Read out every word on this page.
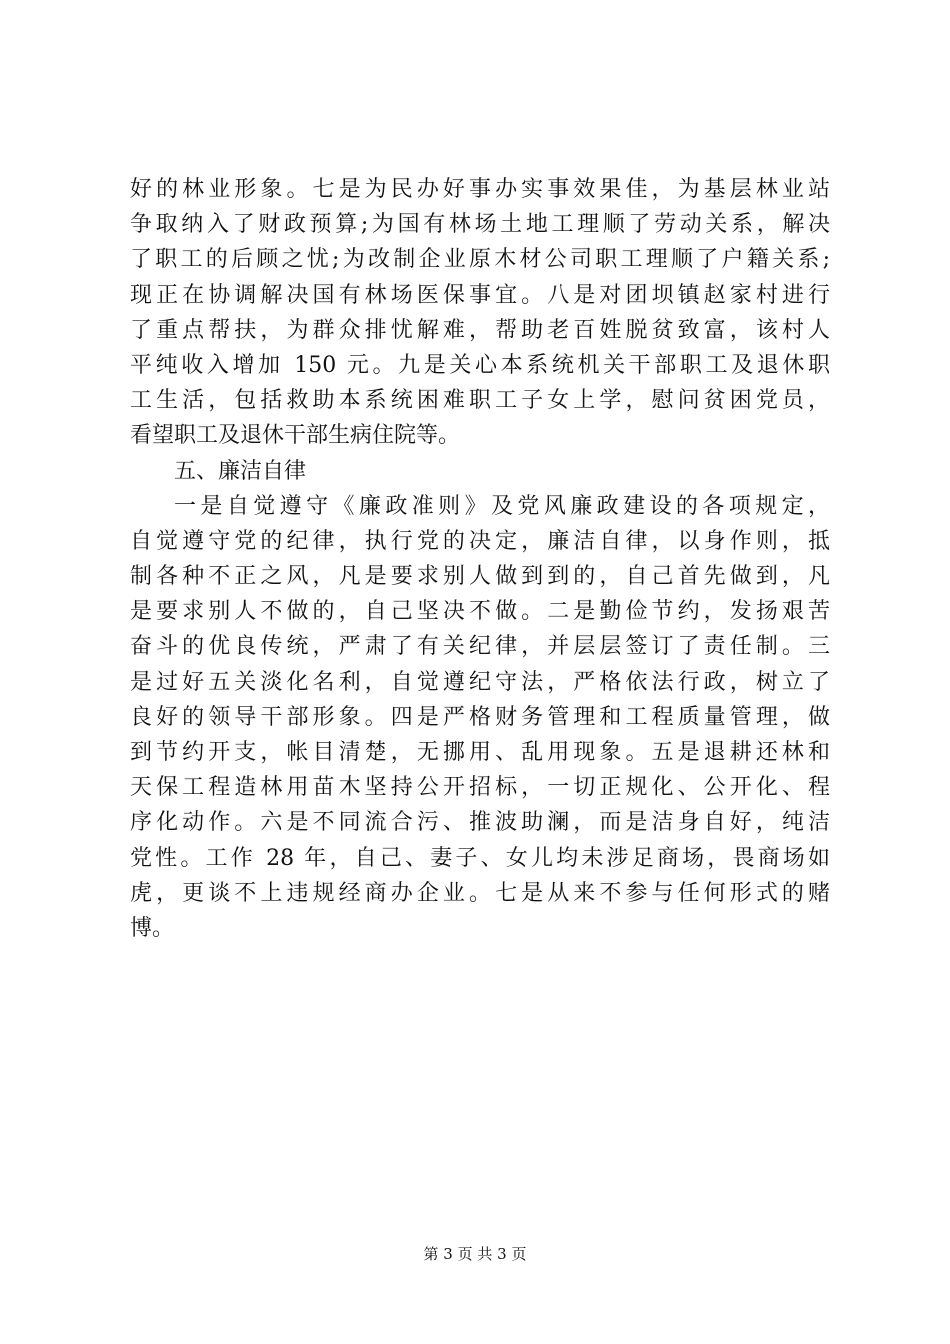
好的林业形象。七是为民办好事办实事效果佳，为基层林业站
争取纳入了财政预算;为国有林场土地工理顺了劳动关系，解决
了职工的后顾之忧;为改制企业原木材公司职工理顺了户籍关系;
现正在协调解决国有林场医保事宜。八是对团坝镇赵家村进行
了重点帮扶，为群众排忧解难，帮助老百姓脱贫致富，该村人
平纯收入增加 150 元。九是关心本系统机关干部职工及退休职
工生活，包括救助本系统困难职工子女上学，慰问贫困党员，
看望职工及退休干部生病住院等。
五、廉洁自律
一是自觉遵守《廉政准则》及党风廉政建设的各项规定，
自觉遵守党的纪律，执行党的决定，廉洁自律，以身作则，抵
制各种不正之风，凡是要求别人做到到的，自己首先做到，凡
是要求别人不做的，自己坚决不做。二是勤俭节约，发扬艰苦
奋斗的优良传统，严肃了有关纪律，并层层签订了责任制。三
是过好五关淡化名利，自觉遵纪守法，严格依法行政，树立了
良好的领导干部形象。四是严格财务管理和工程质量管理，做
到节约开支，帐目清楚，无挪用、乱用现象。五是退耕还林和
天保工程造林用苗木坚持公开招标，一切正规化、公开化、程
序化动作。六是不同流合污、推波助澜，而是洁身自好，纯洁
党性。工作 28 年，自己、妻子、女儿均未涉足商场，畏商场如
虎，更谈不上违规经商办企业。七是从来不参与任何形式的赌
博。
第 3 页 共 3 页
